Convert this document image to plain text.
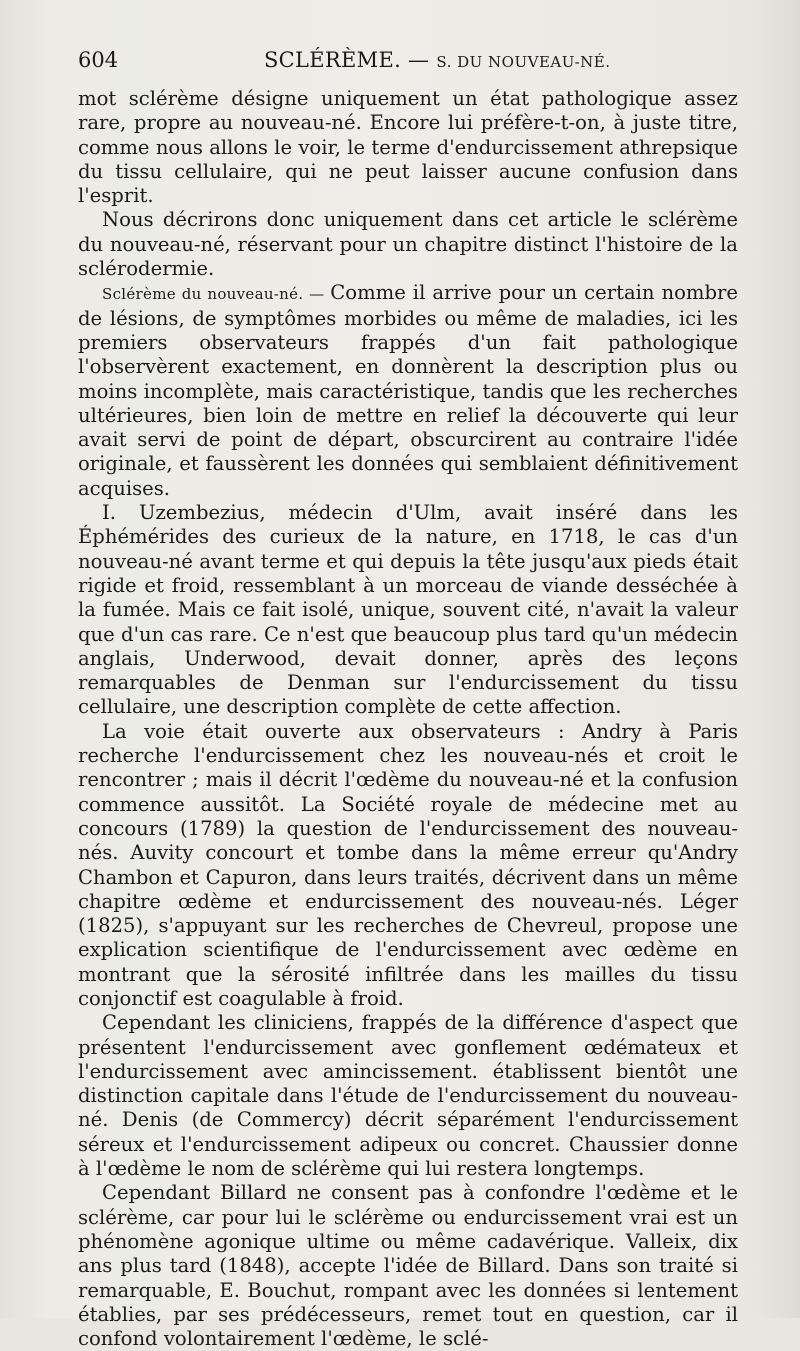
604	SCLÉRÈME. — S. DU NOUVEAU-NÉ.

mot sclérème désigne uniquement un état pathologique assez rare, propre au nouveau-né. Encore lui préfère-t-on, à juste titre, comme nous allons le voir, le terme d'endurcissement athrepsique du tissu cellulaire, qui ne peut laisser aucune confusion dans l'esprit.

Nous décrirons donc uniquement dans cet article le sclérème du nouveau-né, réservant pour un chapitre distinct l'histoire de la sclérodermie.

Sclérème du nouveau-né. — Comme il arrive pour un certain nombre de lésions, de symptômes morbides ou même de maladies, ici les premiers observateurs frappés d'un fait pathologique l'observèrent exactement, en donnèrent la description plus ou moins incomplète, mais caractéristique, tandis que les recherches ultérieures, bien loin de mettre en relief la découverte qui leur avait servi de point de départ, obscurcirent au contraire l'idée originale, et faussèrent les données qui semblaient définitivement acquises.

I. Uzembezius, médecin d'Ulm, avait inséré dans les Éphémérides des curieux de la nature, en 1718, le cas d'un nouveau-né avant terme et qui depuis la tête jusqu'aux pieds était rigide et froid, ressemblant à un morceau de viande desséchée à la fumée. Mais ce fait isolé, unique, souvent cité, n'avait la valeur que d'un cas rare. Ce n'est que beaucoup plus tard qu'un médecin anglais, Underwood, devait donner, après des leçons remarquables de Denman sur l'endurcissement du tissu cellulaire, une description complète de cette affection.

La voie était ouverte aux observateurs : Andry à Paris recherche l'endurcissement chez les nouveau-nés et croit le rencontrer ; mais il décrit l'œdème du nouveau-né et la confusion commence aussitôt. La Société royale de médecine met au concours (1789) la question de l'endurcissement des nouveau-nés. Auvity concourt et tombe dans la même erreur qu'Andry Chambon et Capuron, dans leurs traités, décrivent dans un même chapitre œdème et endurcissement des nouveau-nés. Léger (1825), s'appuyant sur les recherches de Chevreul, propose une explication scientifique de l'endurcissement avec œdème en montrant que la sérosité infiltrée dans les mailles du tissu conjonctif est coagulable à froid.

Cependant les cliniciens, frappés de la différence d'aspect que présentent l'endurcissement avec gonflement œdémateux et l'endurcissement avec amincissement. établissent bientôt une distinction capitale dans l'étude de l'endurcissement du nouveau-né. Denis (de Commercy) décrit séparément l'endurcissement séreux et l'endurcissement adipeux ou concret. Chaussier donne à l'œdème le nom de sclérème qui lui restera longtemps.

Cependant Billard ne consent pas à confondre l'œdème et le sclérème, car pour lui le sclérème ou endurcissement vrai est un phénomène agonique ultime ou même cadavérique. Valleix, dix ans plus tard (1848), accepte l'idée de Billard. Dans son traité si remarquable, E. Bouchut, rompant avec les données si lentement établies, par ses prédécesseurs, remet tout en question, car il confond volontairement l'œdème, le sclé-
